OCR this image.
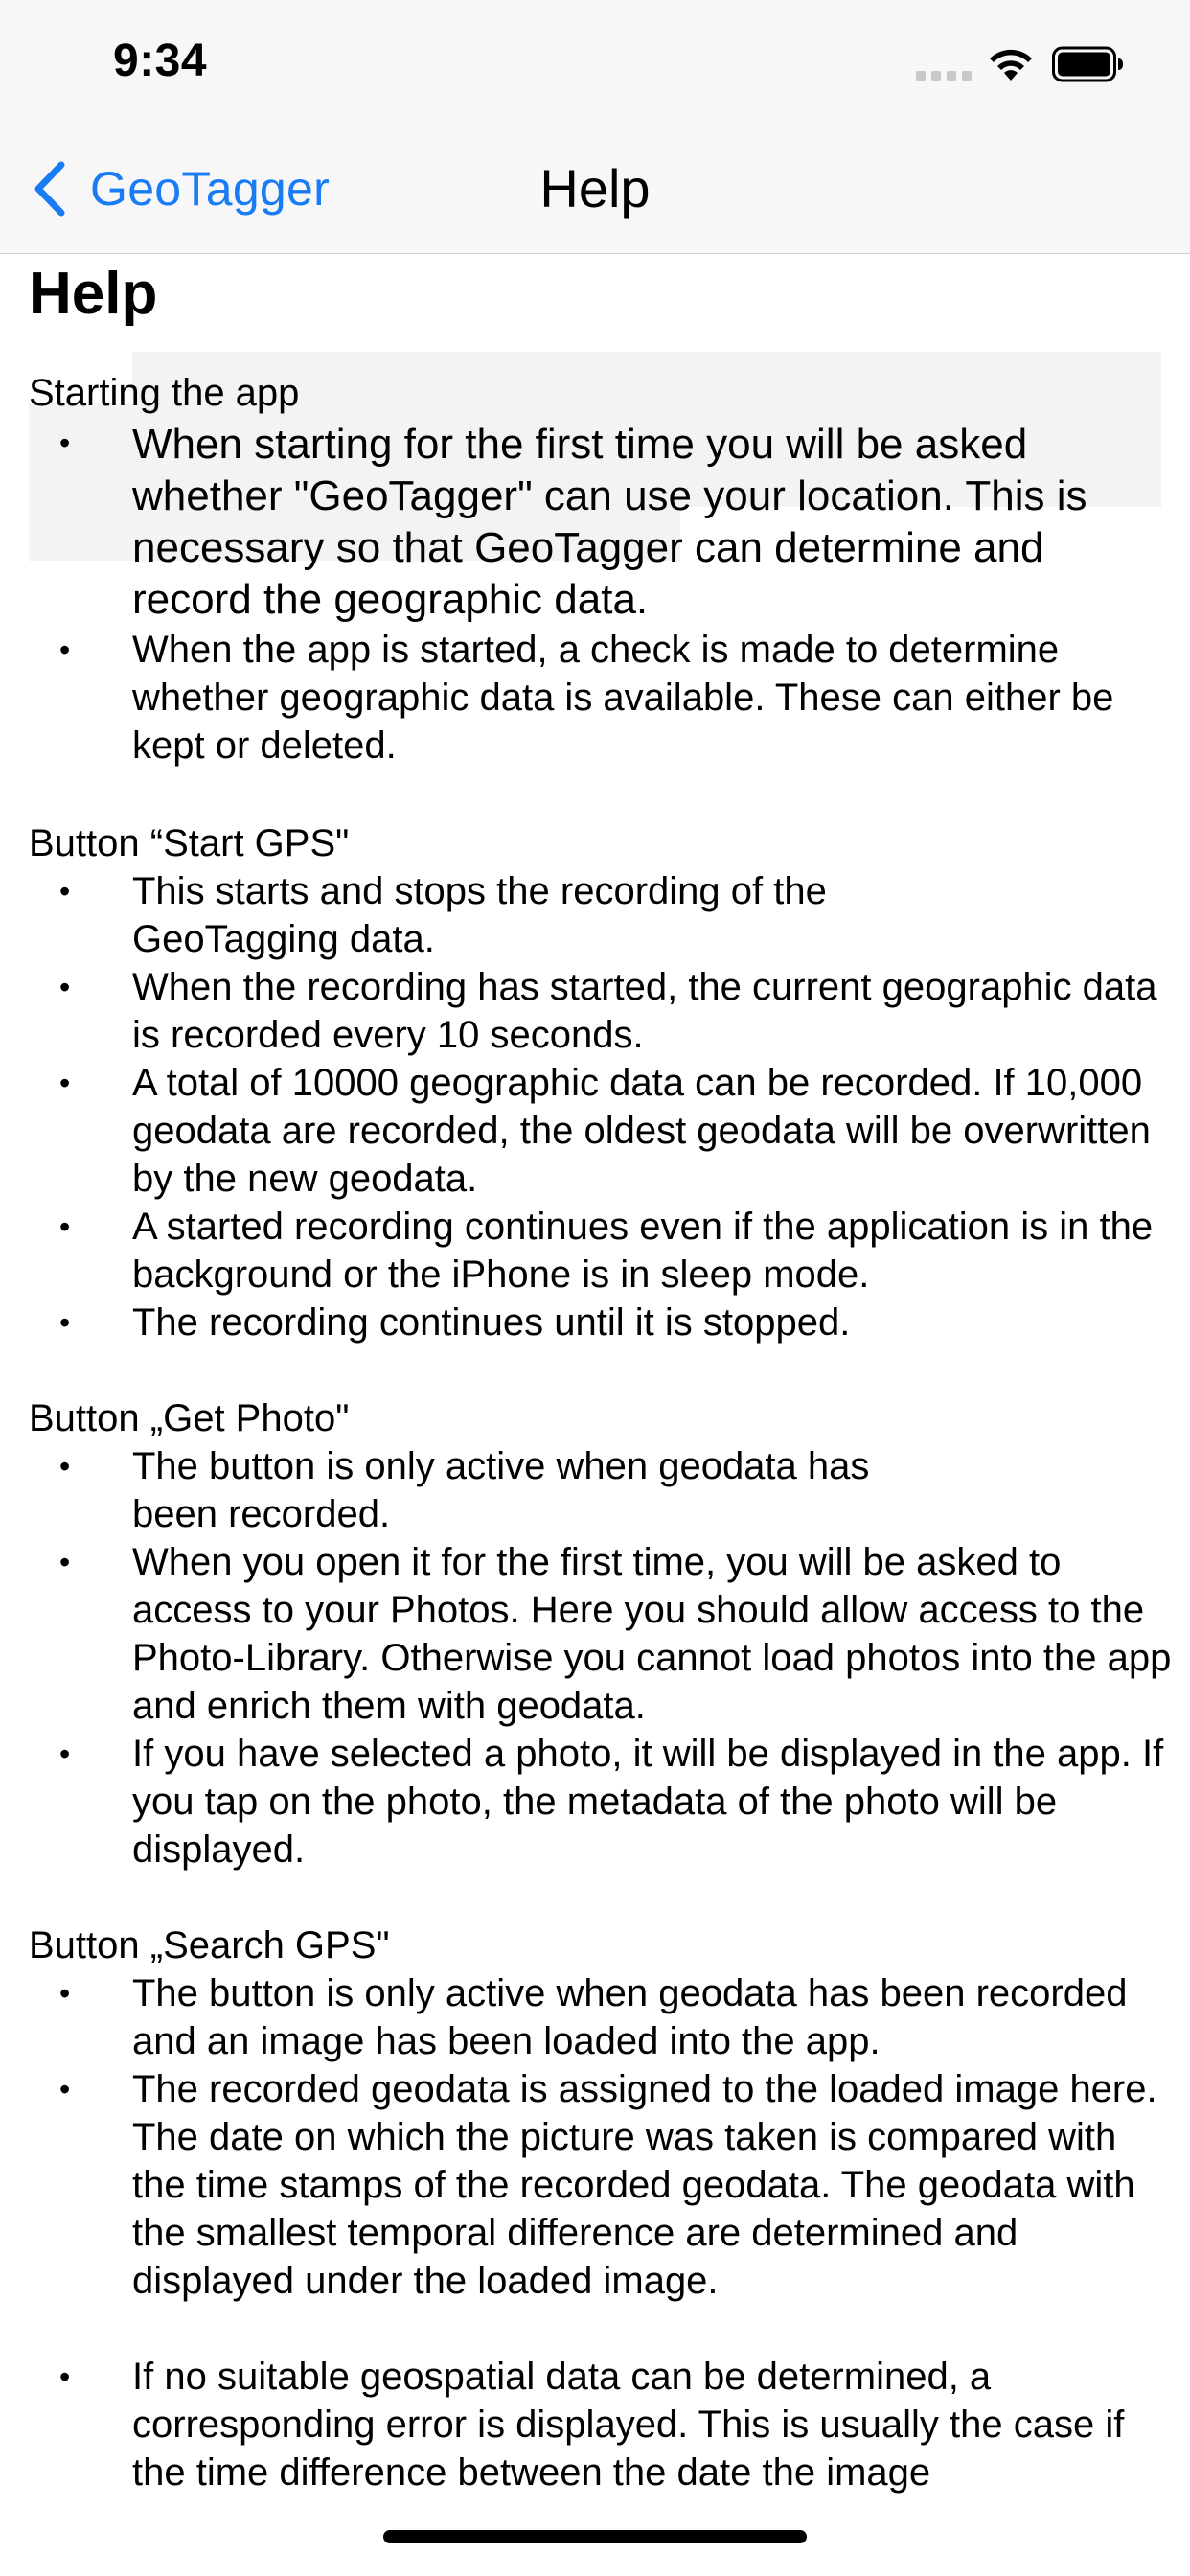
9:34
GeoTagger	Help
Help
Starting the app
• When starting for the first time you will be asked whether "GeoTagger" can use your location. This is necessary so that GeoTagger can determine and record the geographic data.
• When the app is started, a check is made to determine whether geographic data is available. These can either be kept or deleted.
Button “Start GPS"
• This starts and stops the recording of the GeoTagging data.
• When the recording has started, the current geographic data is recorded every 10 seconds.
• A total of 10000 geographic data can be recorded. If 10,000 geodata are recorded, the oldest geodata will be overwritten by the new geodata.
• A started recording continues even if the application is in the background or the iPhone is in sleep mode.
• The recording continues until it is stopped.
Button „Get Photo"
• The button is only active when geodata has been recorded.
• When you open it for the first time, you will be asked to access to your Photos. Here you should allow access to the Photo-Library. Otherwise you cannot load photos into the app and enrich them with geodata.
• If you have selected a photo, it will be displayed in the app. If you tap on the photo, the metadata of the photo will be displayed.
Button „Search GPS"
• The button is only active when geodata has been recorded and an image has been loaded into the app.
• The recorded geodata is assigned to the loaded image here. The date on which the picture was taken is compared with the time stamps of the recorded geodata. The geodata with the smallest temporal difference are determined and displayed under the loaded image.
• If no suitable geospatial data can be determined, a corresponding error is displayed. This is usually the case if the time difference between the date the image
